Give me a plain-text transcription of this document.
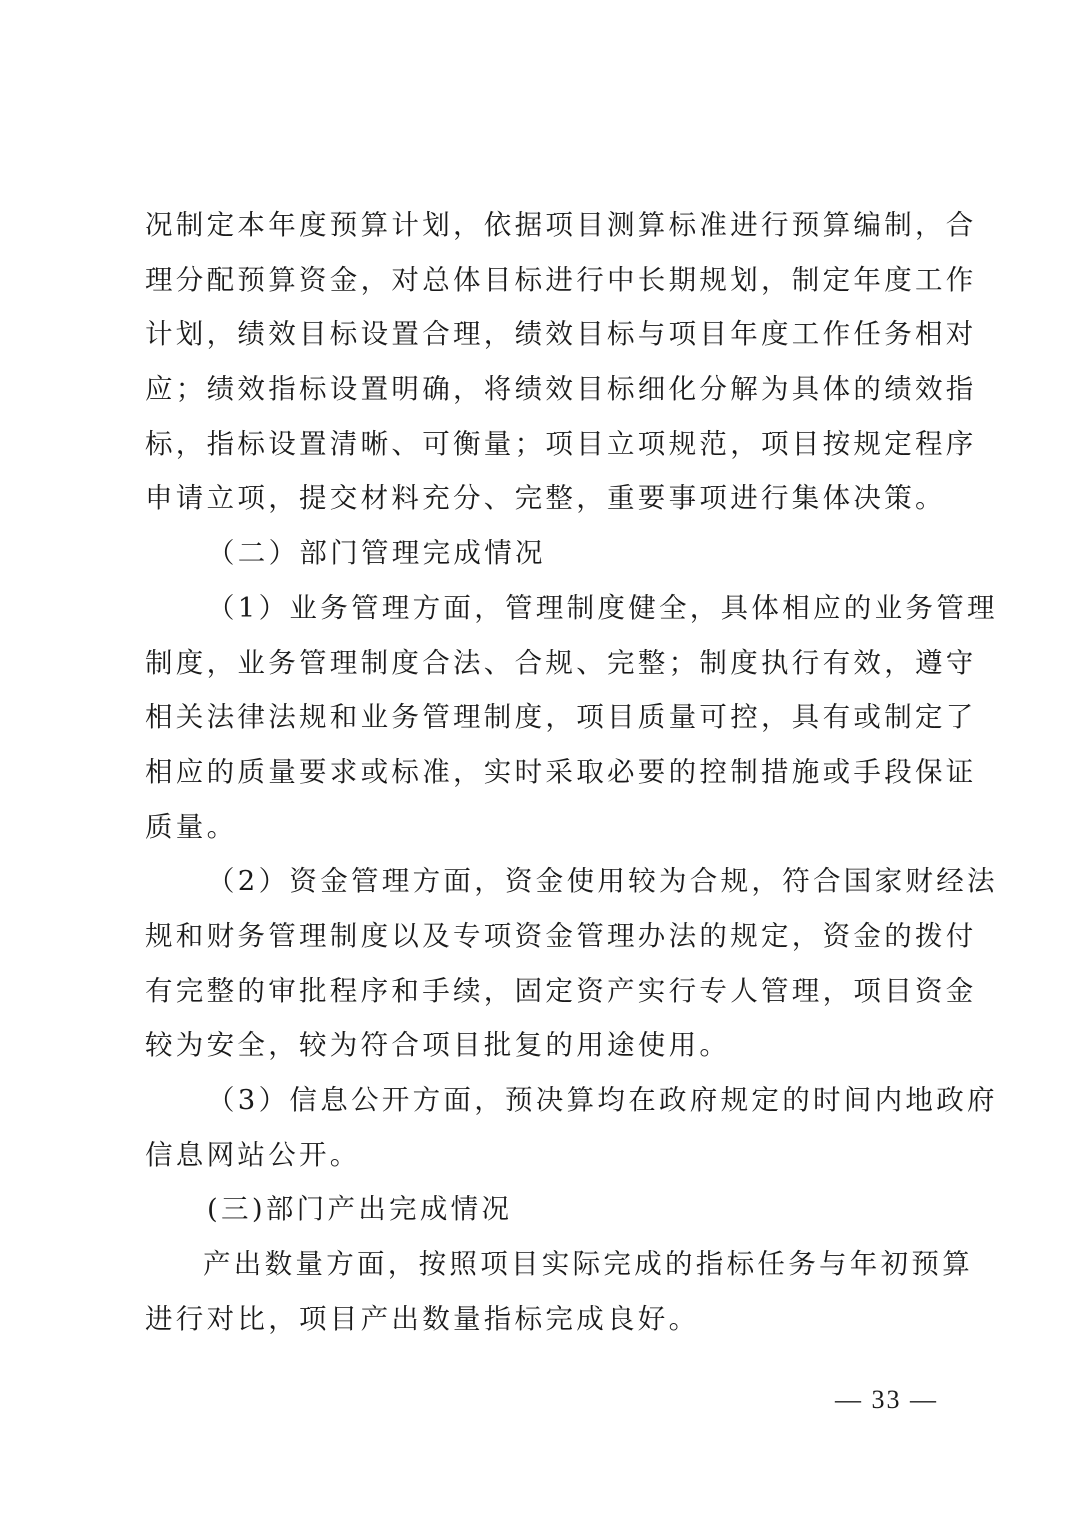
况制定本年度预算计划，依据项目测算标准进行预算编制，合
理分配预算资金，对总体目标进行中长期规划，制定年度工作
计划，绩效目标设置合理，绩效目标与项目年度工作任务相对
应；绩效指标设置明确，将绩效目标细化分解为具体的绩效指
标，指标设置清晰、可衡量；项目立项规范，项目按规定程序
申请立项，提交材料充分、完整，重要事项进行集体决策。
（二）部门管理完成情况
（1）业务管理方面，管理制度健全，具体相应的业务管理
制度，业务管理制度合法、合规、完整；制度执行有效，遵守
相关法律法规和业务管理制度，项目质量可控，具有或制定了
相应的质量要求或标准，实时采取必要的控制措施或手段保证
质量。
（2）资金管理方面，资金使用较为合规，符合国家财经法
规和财务管理制度以及专项资金管理办法的规定，资金的拨付
有完整的审批程序和手续，固定资产实行专人管理，项目资金
较为安全，较为符合项目批复的用途使用。
（3）信息公开方面，预决算均在政府规定的时间内地政府
信息网站公开。
(三)部门产出完成情况
产出数量方面，按照项目实际完成的指标任务与年初预算
进行对比，项目产出数量指标完成良好。
— 33 —
